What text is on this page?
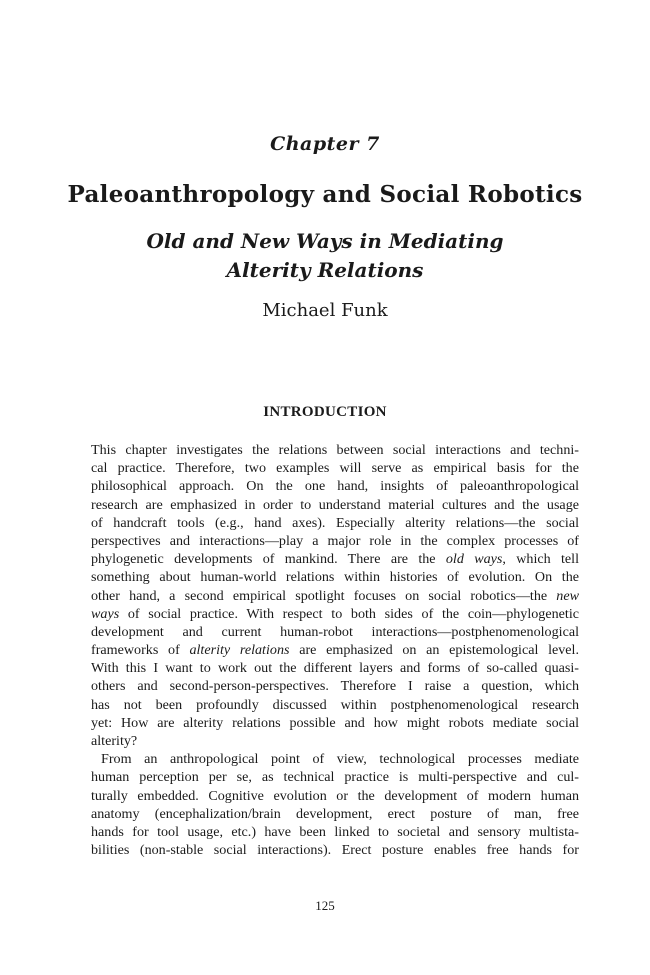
Chapter 7
Paleoanthropology and Social Robotics
Old and New Ways in Mediating
Alterity Relations
Michael Funk
INTRODUCTION
This chapter investigates the relations between social interactions and techni-
cal practice. Therefore, two examples will serve as empirical basis for the
philosophical approach. On the one hand, insights of paleoanthropological
research are emphasized in order to understand material cultures and the usage
of handcraft tools (e.g., hand axes). Especially alterity relations—the social
perspectives and interactions—play a major role in the complex processes of
phylogenetic developments of mankind. There are the old ways, which tell
something about human-world relations within histories of evolution. On the
other hand, a second empirical spotlight focuses on social robotics—the new
ways of social practice. With respect to both sides of the coin—phylogenetic
development and current human-robot interactions—postphenomenological
frameworks of alterity relations are emphasized on an epistemological level.
With this I want to work out the different layers and forms of so-called quasi-
others and second-person-perspectives. Therefore I raise a question, which
has not been profoundly discussed within postphenomenological research
yet: How are alterity relations possible and how might robots mediate social
alterity?
From an anthropological point of view, technological processes mediate
human perception per se, as technical practice is multi-perspective and cul-
turally embedded. Cognitive evolution or the development of modern human
anatomy (encephalization/brain development, erect posture of man, free
hands for tool usage, etc.) have been linked to societal and sensory multista-
bilities (non-stable social interactions). Erect posture enables free hands for
125
